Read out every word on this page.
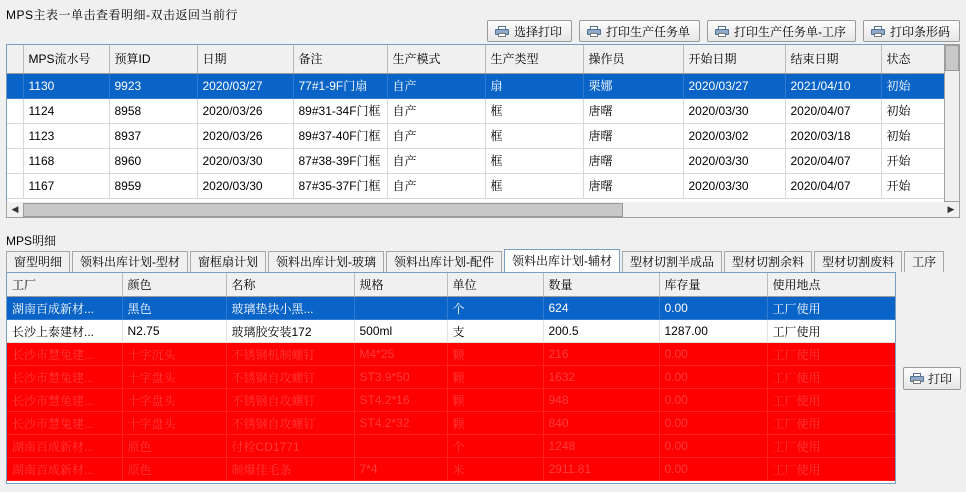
MPS主表一单击查看明细-双击返回当前行
选择打印	打印生产任务单	打印生产任务单-工序	打印条形码
	MPS流水号	预算ID	日期	备注	生产模式	生产类型	操作员	开始日期	结束日期	状态
	1130	9923	2020/03/27	77#1-9F门扇	自产	扇	栗娜	2020/03/27	2021/04/10	初始
	1124	8958	2020/03/26	89#31-34F门框	自产	框	唐曙	2020/03/30	2020/04/07	初始
	1123	8937	2020/03/26	89#37-40F门框	自产	框	唐曙	2020/03/02	2020/03/18	初始
	1168	8960	2020/03/30	87#38-39F门框	自产	框	唐曙	2020/03/30	2020/04/07	开始
	1167	8959	2020/03/30	87#35-37F门框	自产	框	唐曙	2020/03/30	2020/04/07	开始
◀	▶
MPS明细
窗型明细	领料出库计划-型材	窗框扇计划	领料出库计划-玻璃	领料出库计划-配件	领料出库计划-辅材	型材切割半成品	型材切割余料	型材切割废料	工序
工厂	颜色	名称	规格	单位	数量	库存量	使用地点
湖南百成新材...	黑色	玻璃垫块小黑...		个	624	0.00	工厂使用
长沙上泰建材...	N2.75	玻璃胶安装172	500ml	支	200.5	1287.00	工厂使用
长沙市慧兔建...	十字沉头	不锈钢机制螺钉	M4*25	颗	216	0.00	工厂使用
长沙市慧兔建...	十字盘头	不锈钢自攻螺钉	ST3.9*50	颗	1632	0.00	工厂使用
长沙市慧兔建...	十字盘头	不锈钢自攻螺钉	ST4.2*16	颗	948	0.00	工厂使用
长沙市慧兔建...	十字盘头	不锈钢自攻螺钉	ST4.2*32	颗	840	0.00	工厂使用
湖南百成新材...	原色	付栓CD1771		个	1248	0.00	工厂使用
湖南百成新材...	原色	制爆佳毛条	7*4	米	2911.81	0.00	工厂使用
打印
